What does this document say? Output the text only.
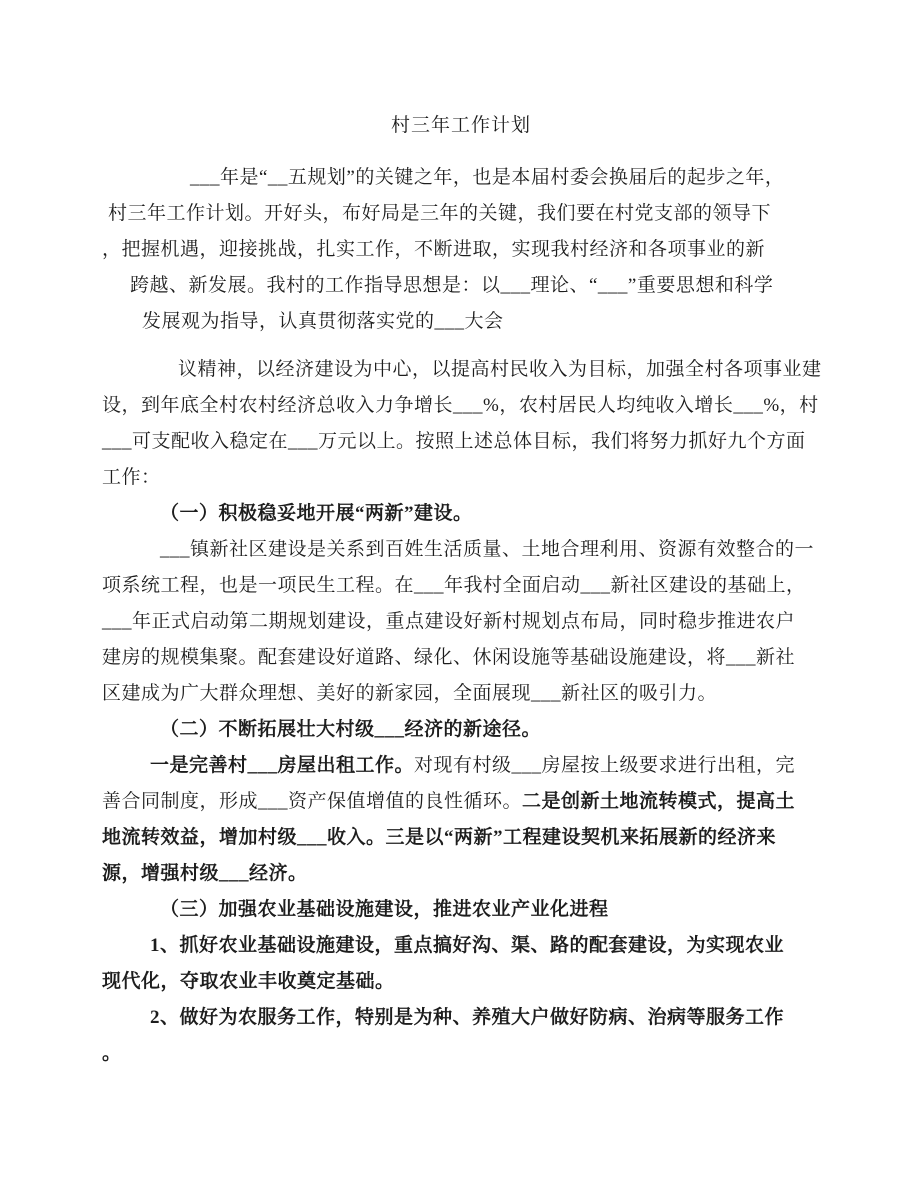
村三年工作计划
___年是“__五规划”的关键之年，也是本届村委会换届后的起步之年，
村三年工作计划。开好头，布好局是三年的关键，我们要在村党支部的领导下
，把握机遇，迎接挑战，扎实工作，不断进取，实现我村经济和各项事业的新
跨越、新发展。我村的工作指导思想是：以___理论、“___”重要思想和科学
发展观为指导，认真贯彻落实党的___大会
议精神，以经济建设为中心，以提高村民收入为目标，加强全村各项事业建
设，到年底全村农村经济总收入力争增长___%，农村居民人均纯收入增长___%，村
___可支配收入稳定在___万元以上。按照上述总体目标，我们将努力抓好九个方面
工作：
（一）积极稳妥地开展“两新”建设。
___镇新社区建设是关系到百姓生活质量、土地合理利用、资源有效整合的一
项系统工程，也是一项民生工程。在___年我村全面启动___新社区建设的基础上，
___年正式启动第二期规划建设，重点建设好新村规划点布局，同时稳步推进农户
建房的规模集聚。配套建设好道路、绿化、休闲设施等基础设施建设，将___新社
区建成为广大群众理想、美好的新家园，全面展现___新社区的吸引力。
（二）不断拓展壮大村级___经济的新途径。
一是完善村___房屋出租工作。对现有村级___房屋按上级要求进行出租，完
善合同制度，形成___资产保值增值的良性循环。二是创新土地流转模式，提高土
地流转效益，增加村级___收入。三是以“两新”工程建设契机来拓展新的经济来
源，增强村级___经济。
（三）加强农业基础设施建设，推进农业产业化进程
1、抓好农业基础设施建设，重点搞好沟、渠、路的配套建设，为实现农业
现代化，夺取农业丰收奠定基础。
2、做好为农服务工作，特别是为种、养殖大户做好防病、治病等服务工作
。
